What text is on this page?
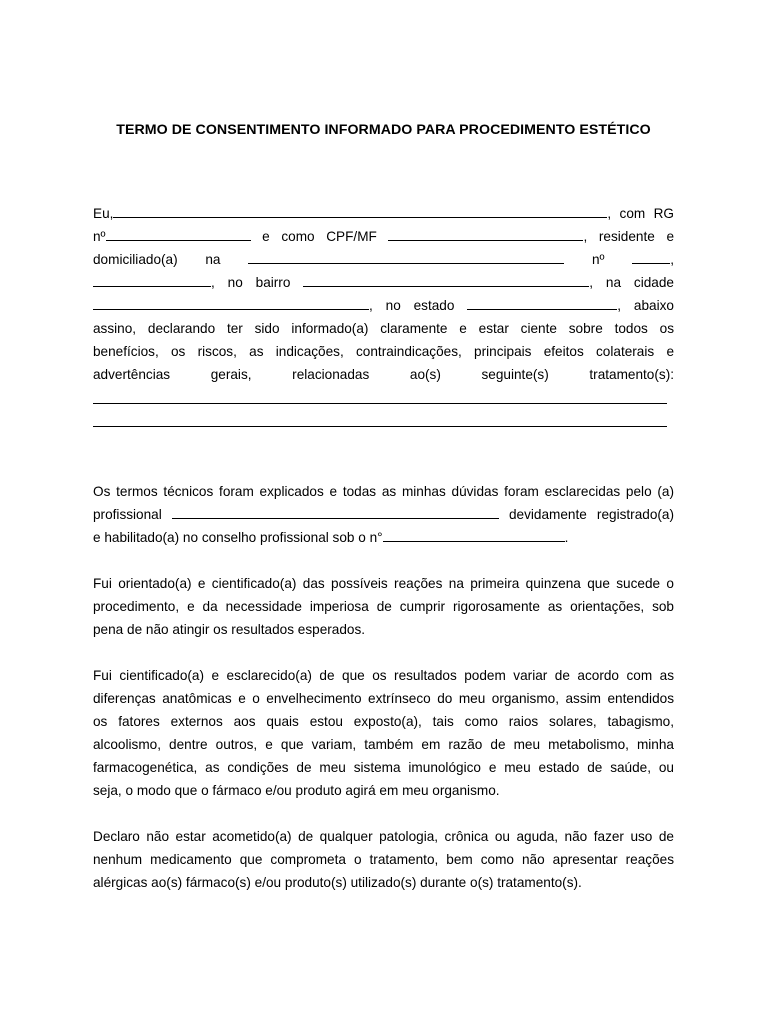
TERMO DE CONSENTIMENTO INFORMADO PARA PROCEDIMENTO ESTÉTICO
Eu,	, com RG
nº	e como CPF/MF	, residente e
domiciliado(a) na	nº	,
, no bairro	, na cidade
, no estado	, abaixo
assino, declarando ter sido informado(a) claramente e estar ciente sobre todos os
benefícios, os riscos, as indicações, contraindicações, principais efeitos colaterais e
advertências gerais, relacionadas ao(s) seguinte(s) tratamento(s):
Os termos técnicos foram explicados e todas as minhas dúvidas foram esclarecidas pelo (a)
profissional	devidamente registrado(a)
e habilitado(a) no conselho profissional sob o n°	.
Fui orientado(a) e cientificado(a) das possíveis reações na primeira quinzena que sucede o
procedimento, e da necessidade imperiosa de cumprir rigorosamente as orientações, sob
pena de não atingir os resultados esperados.
Fui cientificado(a) e esclarecido(a) de que os resultados podem variar de acordo com as
diferenças anatômicas e o envelhecimento extrínseco do meu organismo, assim entendidos
os fatores externos aos quais estou exposto(a), tais como raios solares, tabagismo,
alcoolismo, dentre outros, e que variam, também em razão de meu metabolismo, minha
farmacogenética, as condições de meu sistema imunológico e meu estado de saúde, ou
seja, o modo que o fármaco e/ou produto agirá em meu organismo.
Declaro não estar acometido(a) de qualquer patologia, crônica ou aguda, não fazer uso de
nenhum medicamento que comprometa o tratamento, bem como não apresentar reações
alérgicas ao(s) fármaco(s) e/ou produto(s) utilizado(s) durante o(s) tratamento(s).
